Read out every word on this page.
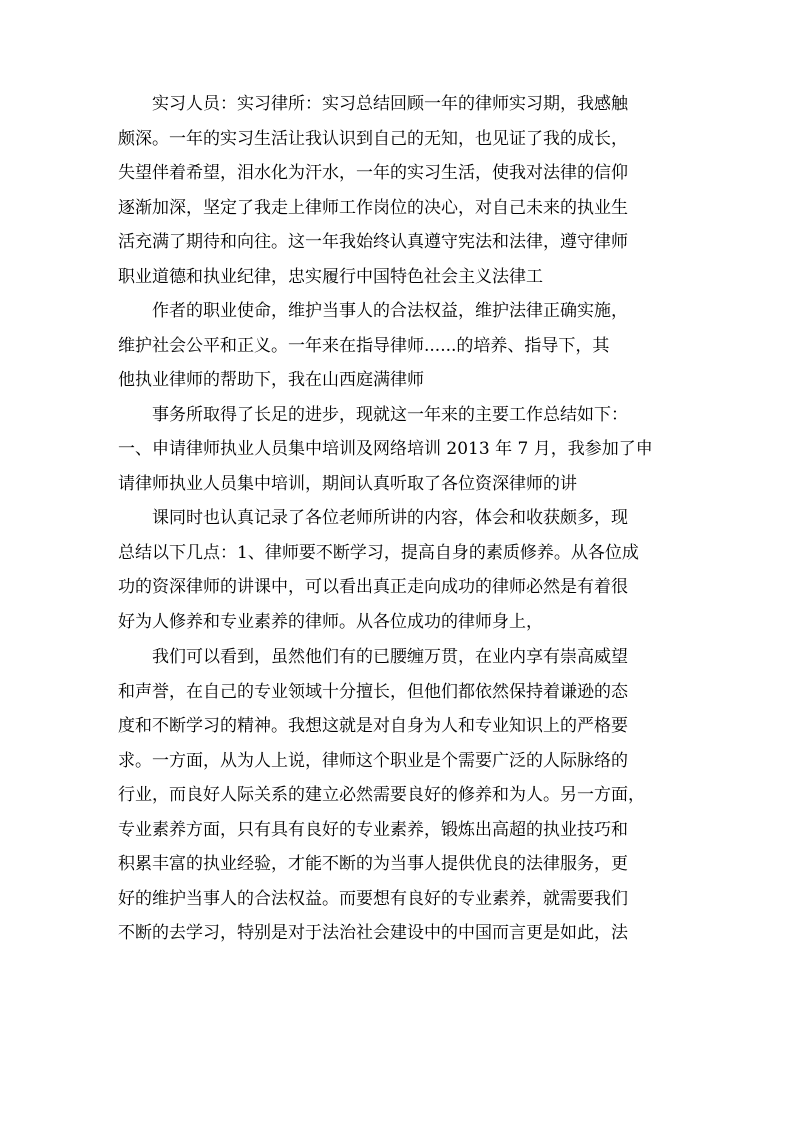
实习人员：实习律所：实习总结回顾一年的律师实习期，我感触
颇深。一年的实习生活让我认识到自己的无知，也见证了我的成长，
失望伴着希望，泪水化为汗水，一年的实习生活，使我对法律的信仰
逐渐加深，坚定了我走上律师工作岗位的决心，对自己未来的执业生
活充满了期待和向往。这一年我始终认真遵守宪法和法律，遵守律师
职业道德和执业纪律，忠实履行中国特色社会主义法律工
作者的职业使命，维护当事人的合法权益，维护法律正确实施，
维护社会公平和正义。一年来在指导律师......的培养、指导下，其
他执业律师的帮助下，我在山西庭满律师
事务所取得了长足的进步，现就这一年来的主要工作总结如下：
一、申请律师执业人员集中培训及网络培训 2013 年 7 月，我参加了申
请律师执业人员集中培训，期间认真听取了各位资深律师的讲
课同时也认真记录了各位老师所讲的内容，体会和收获颇多，现
总结以下几点：1、律师要不断学习，提高自身的素质修养。从各位成
功的资深律师的讲课中，可以看出真正走向成功的律师必然是有着很
好为人修养和专业素养的律师。从各位成功的律师身上，
我们可以看到，虽然他们有的已腰缠万贯，在业内享有崇高威望
和声誉，在自己的专业领域十分擅长，但他们都依然保持着谦逊的态
度和不断学习的精神。我想这就是对自身为人和专业知识上的严格要
求。一方面，从为人上说，律师这个职业是个需要广泛的人际脉络的
行业，而良好人际关系的建立必然需要良好的修养和为人。另一方面，
专业素养方面，只有具有良好的专业素养，锻炼出高超的执业技巧和
积累丰富的执业经验，才能不断的为当事人提供优良的法律服务，更
好的维护当事人的合法权益。而要想有良好的专业素养，就需要我们
不断的去学习，特别是对于法治社会建设中的中国而言更是如此，法
